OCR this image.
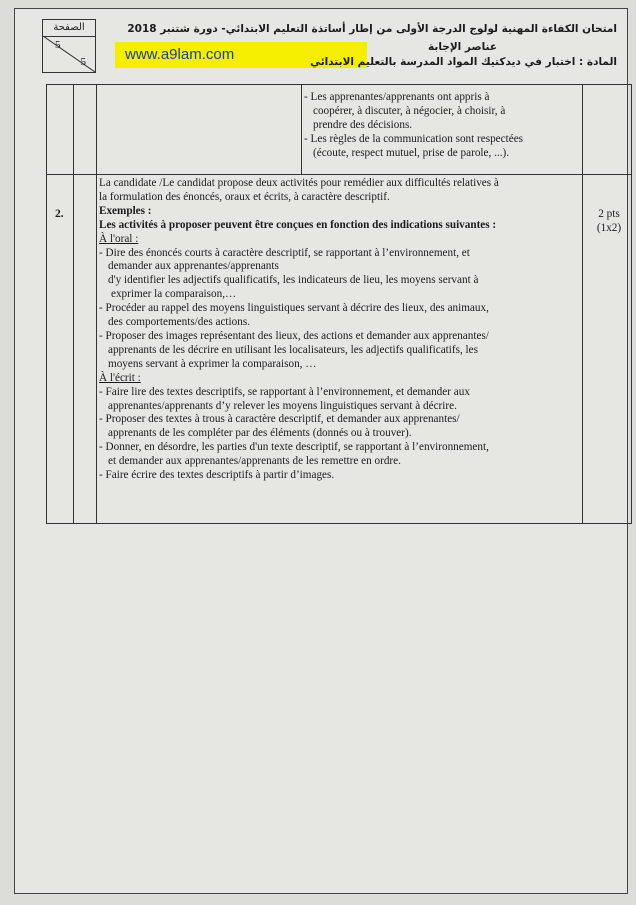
الصفحة
5
5	www.a9lam.com
امتحان الكفاءة المهنية لولوج الدرجة الأولى من إطار أساتذة التعليم الابتدائي- دورة شتنبر 2018
عناصر الإجابة
المادة : اختبار في ديدكتيك المواد المدرسة بالتعليم الابتدائي

- Les apprenantes/apprenants ont appris à

coopérer, à discuter, à négocier, à choisir, à

prendre des décisions.

- Les règles de la communication sont respectées

(écoute, respect mutuel, prise de parole, ...).

2.	2 pts
(1x2)

La candidate /Le candidat propose deux activités pour remédier aux difficultés relatives à

la formulation des énoncés, oraux et écrits, à caractère descriptif.

Exemples :

Les activités à proposer peuvent être conçues en fonction des indications suivantes :

À l'oral :

- Dire des énoncés courts à caractère descriptif, se rapportant à l’environnement, et

demander aux apprenantes/apprenants

d'y identifier les adjectifs qualificatifs, les indicateurs de lieu, les moyens servant à

exprimer la comparaison,…

- Procéder au rappel des moyens linguistiques servant à décrire des lieux, des animaux,

des comportements/des actions.

- Proposer des images représentant des lieux, des actions et demander aux apprenantes/

apprenants de les décrire en utilisant les localisateurs, les adjectifs qualificatifs, les

moyens servant à exprimer la comparaison, …

À l'écrit :

- Faire lire des textes descriptifs, se rapportant à l’environnement, et demander aux

apprenantes/apprenants d’y relever les moyens linguistiques servant à décrire.

- Proposer des textes à trous à caractère descriptif, et demander aux apprenantes/

apprenants de les compléter par des éléments (donnés ou à trouver).

- Donner, en désordre, les parties d'un texte descriptif, se rapportant à l’environnement,

et demander aux apprenantes/apprenants de les remettre en ordre.

- Faire écrire des textes descriptifs à partir d’images.
